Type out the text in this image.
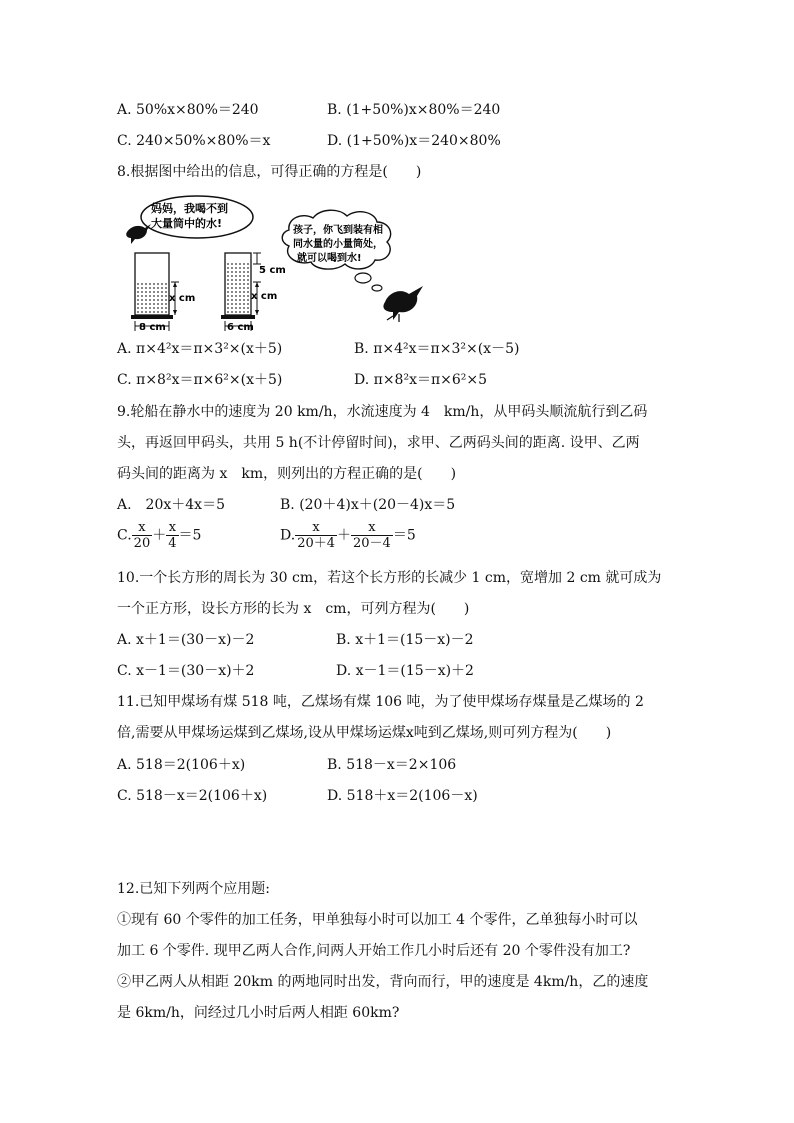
A. 50%x×80%＝240	B. (1+50%)x×80%＝240
C. 240×50%×80%＝x	D. (1+50%)x＝240×80%
8.根据图中给出的信息，可得正确的方程是(　　)
妈妈，我喝不到
大量筒中的水!
x cm
8 cm
5 cm
x cm
6 cm
孩子，你飞到装有相
同水量的小量筒处，
就可以喝到水!
A. π×4²x＝π×3²×(x＋5)	B. π×4²x＝π×3²×(x－5)
C. π×8²x＝π×6²×(x＋5)	D. π×8²x＝π×6²×5
9.轮船在静水中的速度为 20 km/h，水流速度为 4　km/h，从甲码头顺流航行到乙码
头，再返回甲码头，共用 5 h(不计停留时间)，求甲、乙两码头间的距离. 设甲、乙两
码头间的距离为 x　km，则列出的方程正确的是(　　)
A.　20x＋4x＝5	B. (20＋4)x＋(20－4)x＝5
C. $\frac{x}{20} + \frac{x}{4} =5$	D. $\frac{x}{20+4} + \frac{x}{20-4} =5$
10.一个长方形的周长为 30 cm，若这个长方形的长减少 1 cm，宽增加 2 cm 就可成为
一个正方形，设长方形的长为 x　cm，可列方程为(　　)
A. x＋1＝(30－x)－2	B. x＋1＝(15－x)－2
C. x－1＝(30－x)＋2	D. x－1＝(15－x)＋2
11.已知甲煤场有煤 518 吨，乙煤场有煤 106 吨，为了使甲煤场存煤量是乙煤场的 2
倍,需要从甲煤场运煤到乙煤场,设从甲煤场运煤x吨到乙煤场,则可列方程为(　　)
A. 518＝2(106＋x)	B. 518－x＝2×106
C. 518－x＝2(106＋x)	D. 518＋x＝2(106－x)
12.已知下列两个应用题:
①现有 60 个零件的加工任务，甲单独每小时可以加工 4 个零件，乙单独每小时可以
加工 6 个零件. 现甲乙两人合作,问两人开始工作几小时后还有 20 个零件没有加工?
②甲乙两人从相距 20km 的两地同时出发，背向而行，甲的速度是 4km/h，乙的速度
是 6km/h，问经过几小时后两人相距 60km?
